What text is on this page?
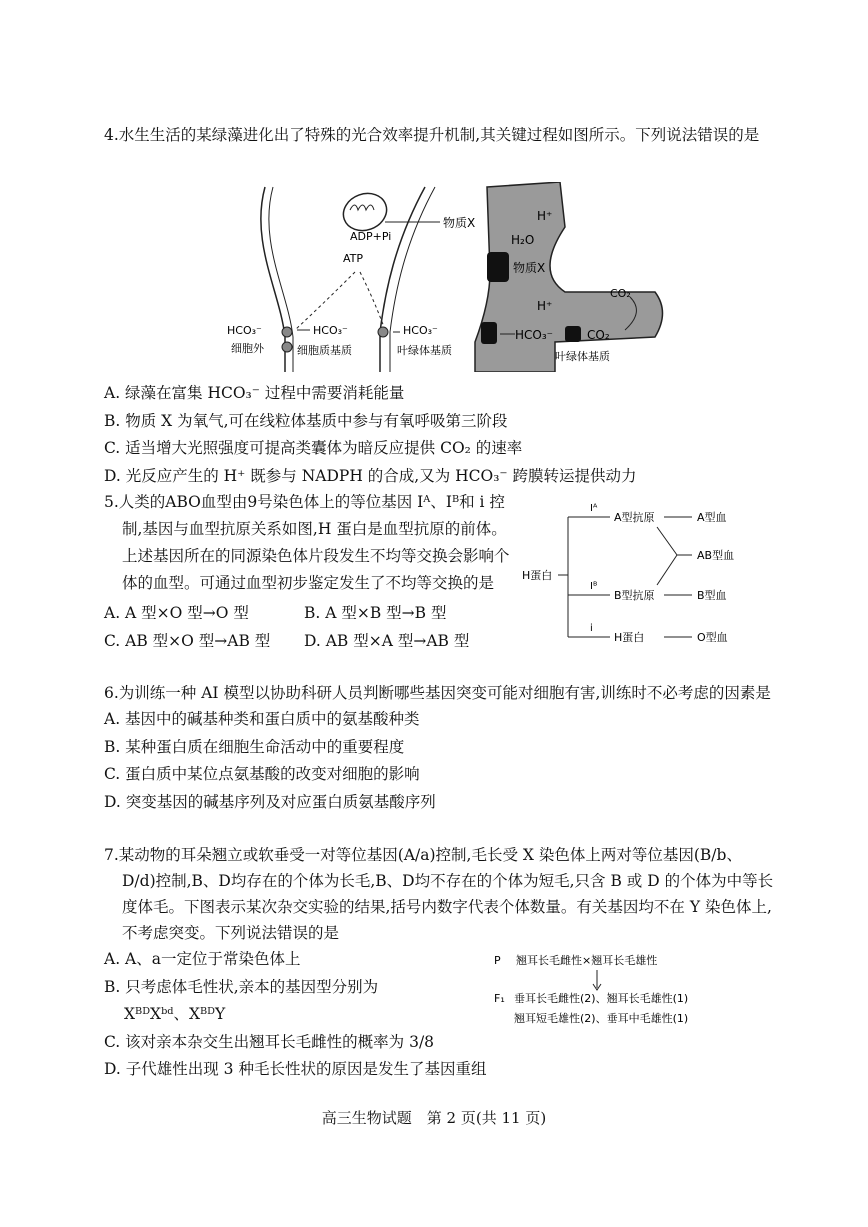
4.水生生活的某绿藻进化出了特殊的光合效率提升机制,其关键过程如图所示。下列说法错误的是

物质X
ADP+Pi
ATP
HCO₃⁻
细胞外
HCO₃⁻
细胞质基质
HCO₃⁻
叶绿体基质
H⁺
H₂O
物质X
H⁺
HCO₃⁻	CO₂
CO₂
叶绿体基质
A. 绿藻在富集 HCO₃⁻ 过程中需要消耗能量
B. 物质 X 为氧气,可在线粒体基质中参与有氧呼吸第三阶段
C. 适当增大光照强度可提高类囊体为暗反应提供 CO₂ 的速率
D. 光反应产生的 H⁺ 既参与 NADPH 的合成,又为 HCO₃⁻ 跨膜转运提供动力

5.人类的ABO血型由9号染色体上的等位基因 Iᴬ、Iᴮ和 i 控制,基因与血型抗原关系如图,H 蛋白是血型抗原的前体。上述基因所在的同源染色体片段发生不均等交换会影响个体的血型。可通过血型初步鉴定发生了不均等交换的是

A. A 型×O 型→O 型	B. A 型×B 型→B 型
C. AB 型×O 型→AB 型	D. AB 型×A 型→AB 型
H蛋白
Iᴬ
Iᴮ
i
A型抗原	A型血
AB型血
B型抗原	B型血
H蛋白	O型血

6.为训练一种 AI 模型以协助科研人员判断哪些基因突变可能对细胞有害,训练时不必考虑的因素是

A. 基因中的碱基种类和蛋白质中的氨基酸种类
B. 某种蛋白质在细胞生命活动中的重要程度
C. 蛋白质中某位点氨基酸的改变对细胞的影响
D. 突变基因的碱基序列及对应蛋白质氨基酸序列

7.某动物的耳朵翘立或软垂受一对等位基因(A/a)控制,毛长受 X 染色体上两对等位基因(B/b、D/d)控制,B、D均存在的个体为长毛,B、D均不存在的个体为短毛,只含 B 或 D 的个体为中等长度体毛。下图表示某次杂交实验的结果,括号内数字代表个体数量。有关基因均不在 Y 染色体上,不考虑突变。下列说法错误的是

A. A、a一定位于常染色体上
B. 只考虑体毛性状,亲本的基因型分别为
XᴮᴰXᵇᵈ、XᴮᴰY
C. 该对亲本杂交生出翘耳长毛雌性的概率为 3/8
D. 子代雄性出现 3 种毛长性状的原因是发生了基因重组
P 翘耳长毛雌性×翘耳长毛雄性
F₁ 垂耳长毛雌性(2)、翘耳长毛雄性(1)
翘耳短毛雄性(2)、垂耳中毛雄性(1)
高三生物试题　第 2 页(共 11 页)
